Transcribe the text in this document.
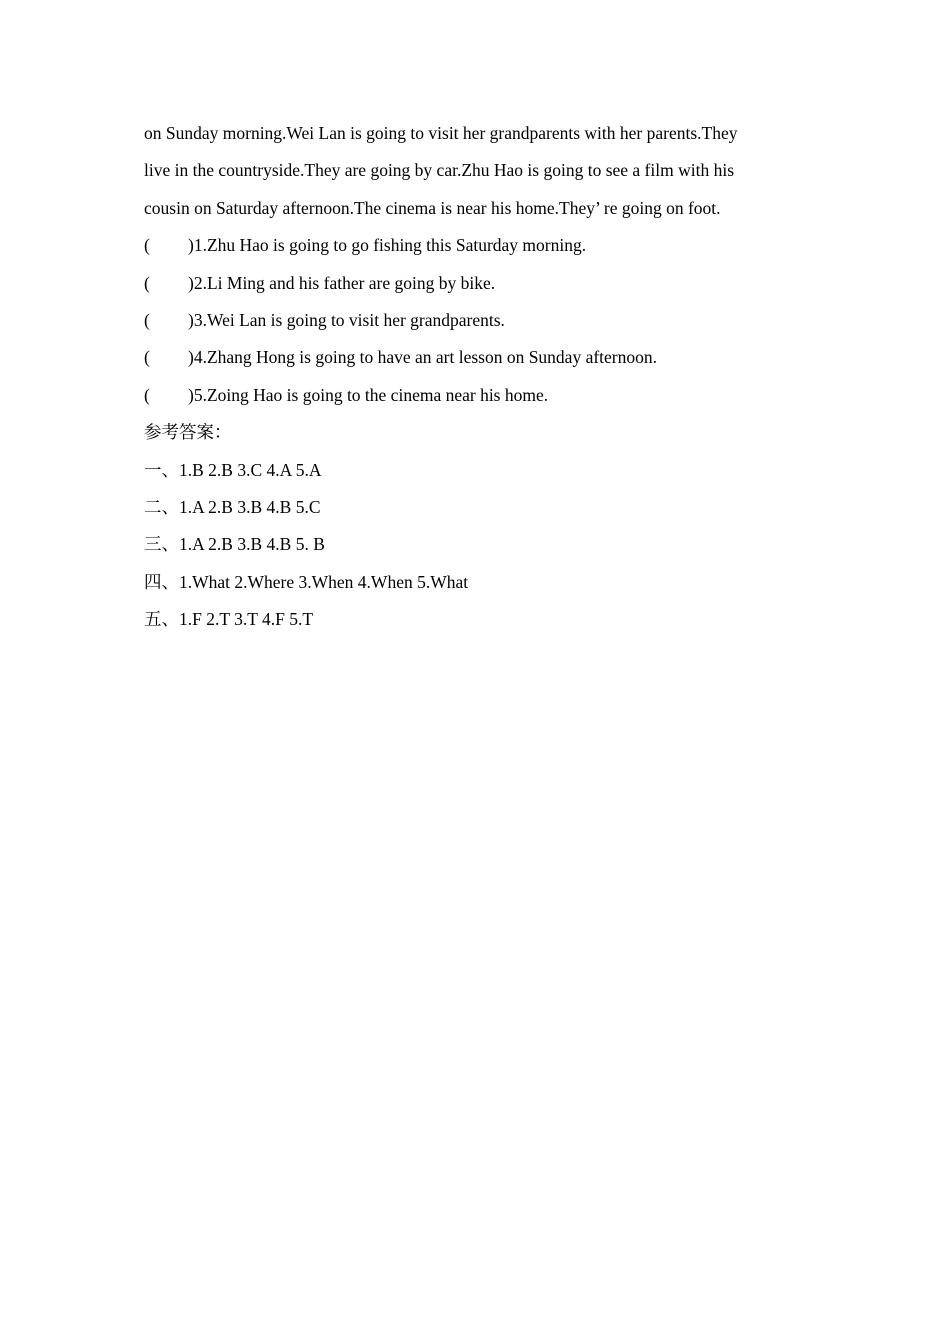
on Sunday morning.Wei Lan is going to visit her grandparents with her parents.They
live in the countryside.They are going by car.Zhu Hao is going to see a film with his
cousin on Saturday afternoon.The cinema is near his home.They’ re going on foot.
(	)1.Zhu Hao is going to go fishing this Saturday morning.
(	)2.Li Ming and his father are going by bike.
(	)3.Wei Lan is going to visit her grandparents.
(	)4.Zhang Hong is going to have an art lesson on Sunday afternoon.
(	)5.Zoing Hao is going to the cinema near his home.
参考答案：
一、1.B 2.B 3.C 4.A 5.A
二、1.A 2.B 3.B 4.B 5.C
三、1.A 2.B 3.B 4.B 5. B
四、1.What 2.Where 3.When 4.When 5.What
五、1.F 2.T 3.T 4.F 5.T
